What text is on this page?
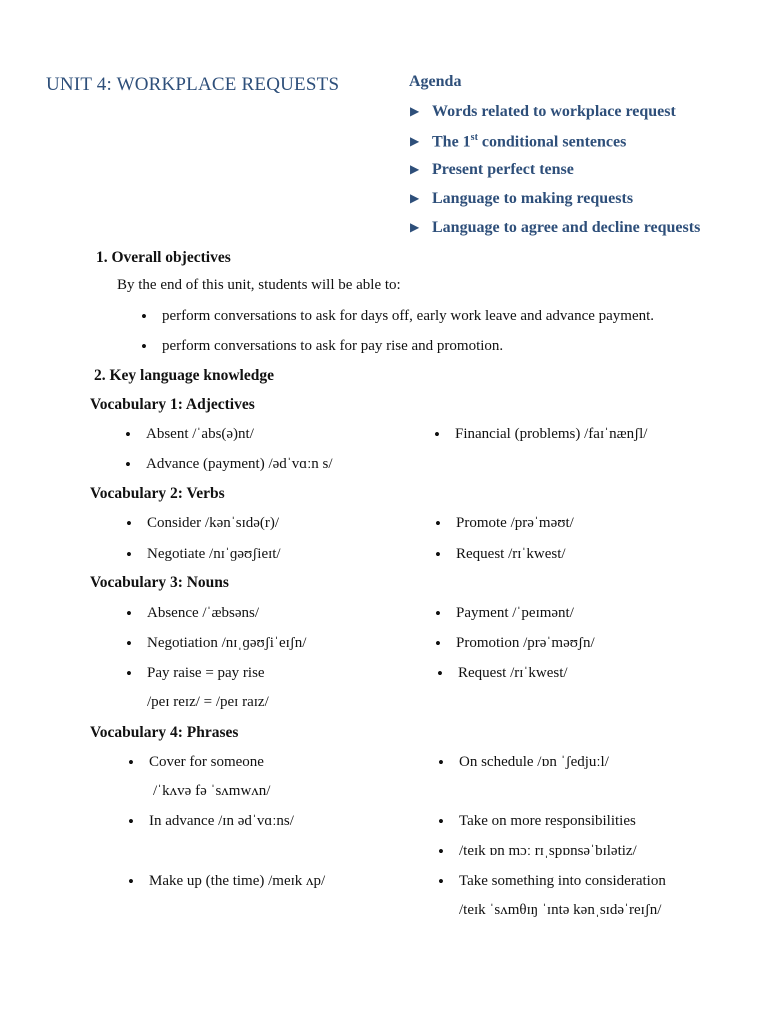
UNIT 4: WORKPLACE REQUESTS	Agenda
▶ Words related to workplace request
▶ The 1st conditional sentences
▶ Present perfect tense
▶ Language to making requests
▶ Language to agree and decline requests
1. Overall objectives
By the end of this unit, students will be able to:
• perform conversations to ask for days off, early work leave and advance payment.
• perform conversations to ask for pay rise and promotion.
2. Key language knowledge
Vocabulary 1: Adjectives
• Absent /ˈabs(ə)nt/
• Advance (payment) /ədˈvɑːn s/
• Financial (problems) /faɪˈnænʃl/
Vocabulary 2: Verbs
• Consider /kənˈsɪdə(r)/
• Negotiate /nɪˈɡəʊʃieɪt/
• Promote /prəˈməʊt/
• Request /rɪˈkwest/
Vocabulary 3: Nouns
• Absence /ˈæbsəns/
• Negotiation /nɪˌɡəʊʃiˈeɪʃn/
• Pay raise = pay rise
/peɪ reɪz/ = /peɪ raɪz/
• Payment /ˈpeɪmənt/
• Promotion /prəˈməʊʃn/
• Request /rɪˈkwest/
Vocabulary 4: Phrases
• Cover for someone
/ˈkʌvə fə ˈsʌmwʌn/
• In advance /ɪn ədˈvɑːns/
• Make up (the time) /meɪk ʌp/
• On schedule /ɒn ˈʃedjuːl/
• Take on more responsibilities
• /teɪk ɒn mɔː rɪˌspɒnsəˈbɪlətiz/
• Take something into consideration
/teɪk ˈsʌmθɪŋ ˈɪntə kənˌsɪdəˈreɪʃn/
